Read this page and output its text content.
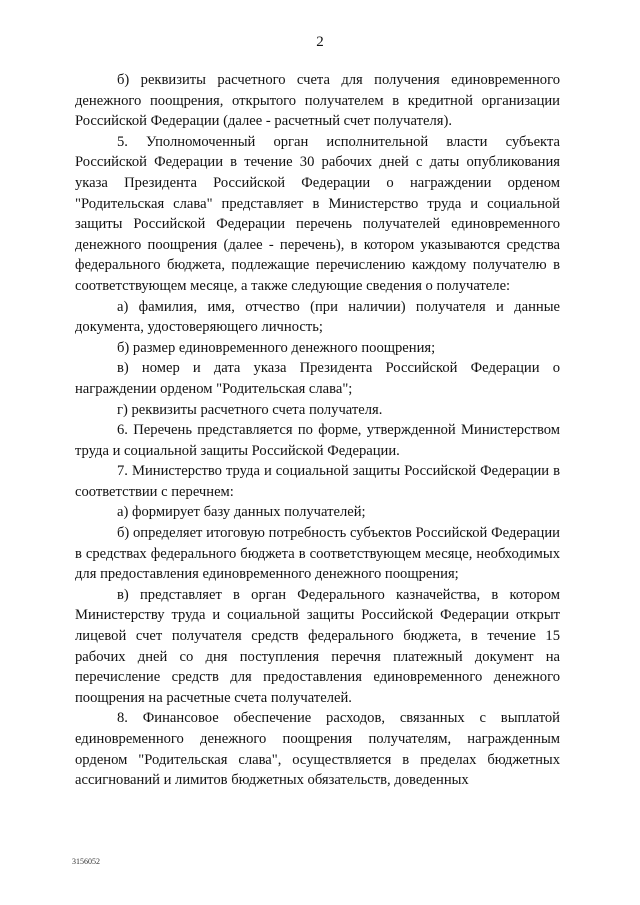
2

б) реквизиты расчетного счета для получения единовременного денежного поощрения, открытого получателем в кредитной организации Российской Федерации (далее - расчетный счет получателя).

5. Уполномоченный орган исполнительной власти субъекта Российской Федерации в течение 30 рабочих дней с даты опубликования указа Президента Российской Федерации о награждении орденом "Родительская слава" представляет в Министерство труда и социальной защиты Российской Федерации перечень получателей единовременного денежного поощрения (далее - перечень), в котором указываются средства федерального бюджета, подлежащие перечислению каждому получателю в соответствующем месяце, а также следующие сведения о получателе:

а) фамилия, имя, отчество (при наличии) получателя и данные документа, удостоверяющего личность;

б) размер единовременного денежного поощрения;

в) номер и дата указа Президента Российской Федерации о награждении орденом "Родительская слава";

г) реквизиты расчетного счета получателя.

6. Перечень представляется по форме, утвержденной Министерством труда и социальной защиты Российской Федерации.

7. Министерство труда и социальной защиты Российской Федерации в соответствии с перечнем:

а) формирует базу данных получателей;

б) определяет итоговую потребность субъектов Российской Федерации в средствах федерального бюджета в соответствующем месяце, необходимых для предоставления единовременного денежного поощрения;

в) представляет в орган Федерального казначейства, в котором Министерству труда и социальной защиты Российской Федерации открыт лицевой счет получателя средств федерального бюджета, в течение 15 рабочих дней со дня поступления перечня платежный документ на перечисление средств для предоставления единовременного денежного поощрения на расчетные счета получателей.

8. Финансовое обеспечение расходов, связанных с выплатой единовременного денежного поощрения получателям, награжденным орденом "Родительская слава", осуществляется в пределах бюджетных ассигнований и лимитов бюджетных обязательств, доведенных

3156052
